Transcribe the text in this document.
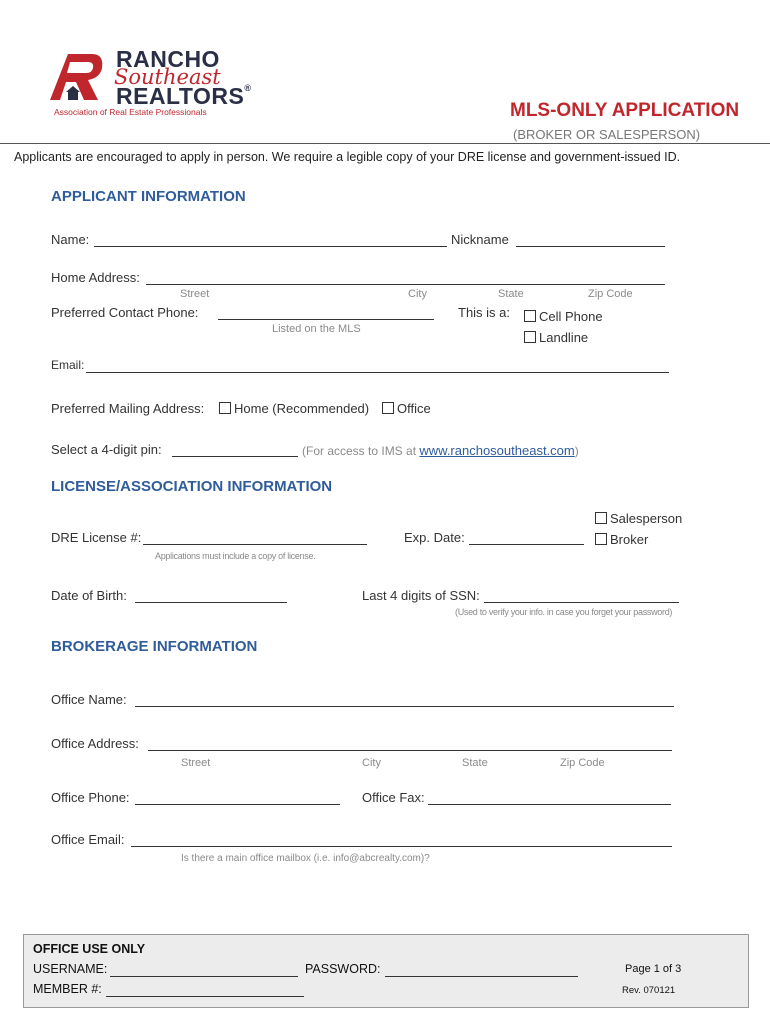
RANCHO
Southeast
REALTORS®
Association of Real Estate Professionals	MLS-ONLY APPLICATION
(BROKER OR SALESPERSON)
Applicants are encouraged to apply in person. We require a legible copy of your DRE license and government-issued ID.
APPLICANT INFORMATION
Name:	Nickname
Home Address:
Street	City	State	Zip Code
Preferred Contact Phone:
Listed on the MLS
This is a:	Cell Phone
Landline
Email:
Preferred Mailing Address:	Home (Recommended)	Office
Select a 4-digit pin:	(For access to IMS at www.ranchosoutheast.com)
LICENSE/ASSOCIATION INFORMATION
Salesperson
Broker
DRE License #:	Exp. Date:
Applications must include a copy of license.
Date of Birth:	Last 4 digits of SSN:
(Used to verify your info. in case you forget your password)
BROKERAGE INFORMATION
Office Name:
Office Address:
Street	City	State	Zip Code
Office Phone:	Office Fax:
Office Email:
Is there a main office mailbox (i.e. info@abcrealty.com)?
OFFICE USE ONLY
USERNAME:	PASSWORD:
MEMBER #:
Page 1 of 3
Rev. 070121
